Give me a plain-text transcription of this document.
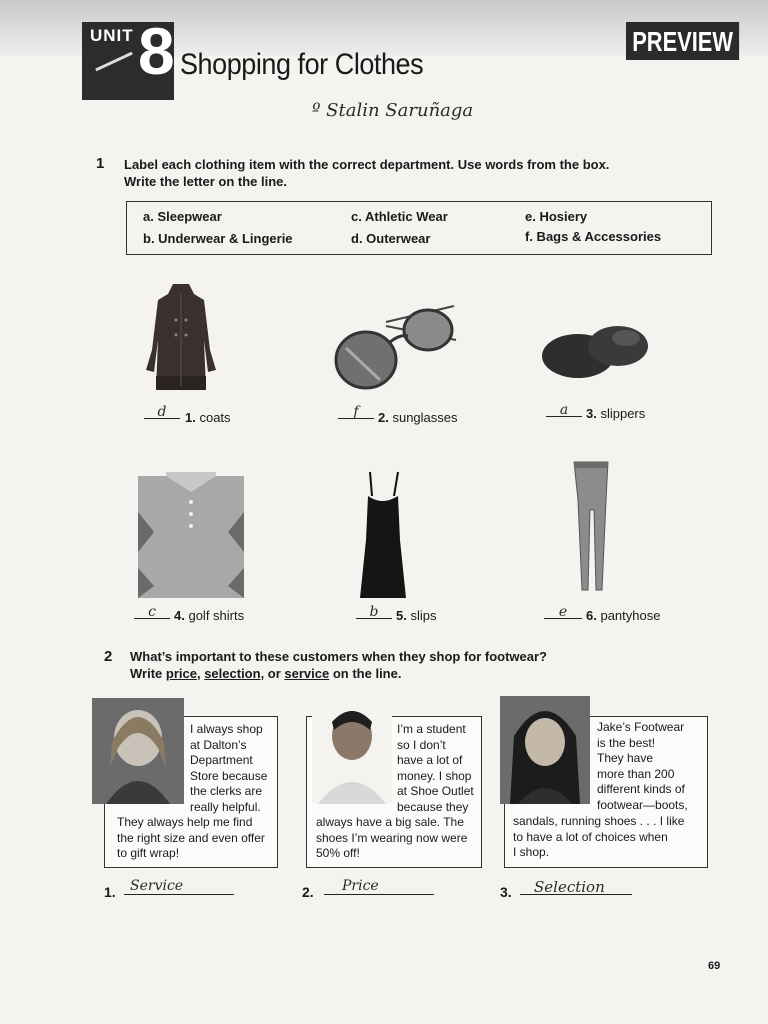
UNIT 8 Shopping for Clothes
PREVIEW
º Stalin Saruñaga
1 Label each clothing item with the correct department. Use words from the box.
Write the letter on the line.
a. Sleepwear
b. Underwear & Lingerie
c. Athletic Wear
d. Outerwear
e. Hosiery
f. Bags & Accessories
d	1. coats	f	2. sunglasses	a	3. slippers
c	4. golf shirts	b	5. slips	e	6. pantyhose
2 What’s important to these customers when they shop for footwear?
Write price, selection, or service on the line.
I always shop
at Dalton’s
Department
Store because
the clerks are
really helpful.
They always help me find
the right size and even offer
to gift wrap!
I’m a student
so I don’t
have a lot of
money. I shop
at Shoe Outlet
because they
always have a big sale. The
shoes I’m wearing now were
50% off!
Jake’s Footwear
is the best!
They have
more than 200
different kinds of
footwear—boots,
sandals, running shoes . . . I like
to have a lot of choices when
I shop.
1.	Service	2.	Price	3.	Selection
69
